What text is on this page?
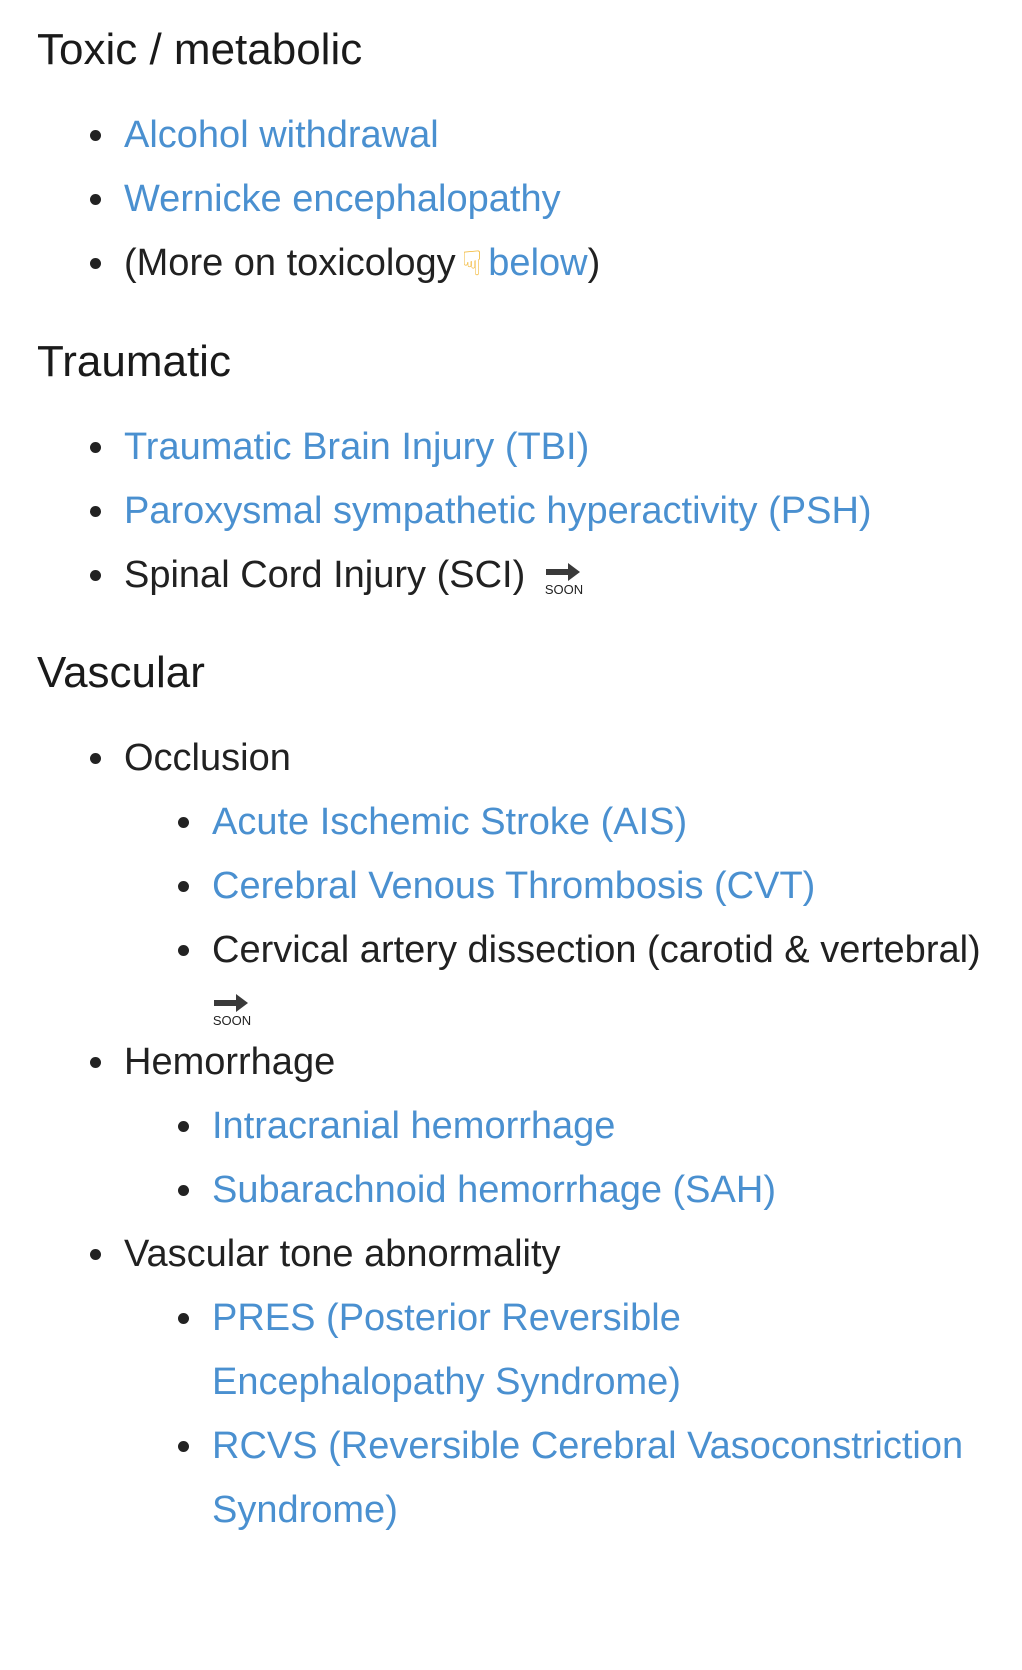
Toxic / metabolic
Alcohol withdrawal
Wernicke encephalopathy
(More on toxicology ☟ below)
Traumatic
Traumatic Brain Injury (TBI)
Paroxysmal sympathetic hyperactivity (PSH)
Spinal Cord Injury (SCI) SOON
Vascular
Occlusion
Acute Ischemic Stroke (AIS)
Cerebral Venous Thrombosis (CVT)
Cervical artery dissection (carotid & vertebral)
SOON
Hemorrhage
Intracranial hemorrhage
Subarachnoid hemorrhage (SAH)
Vascular tone abnormality
PRES (Posterior Reversible Encephalopathy Syndrome)
RCVS (Reversible Cerebral Vasoconstriction Syndrome)
